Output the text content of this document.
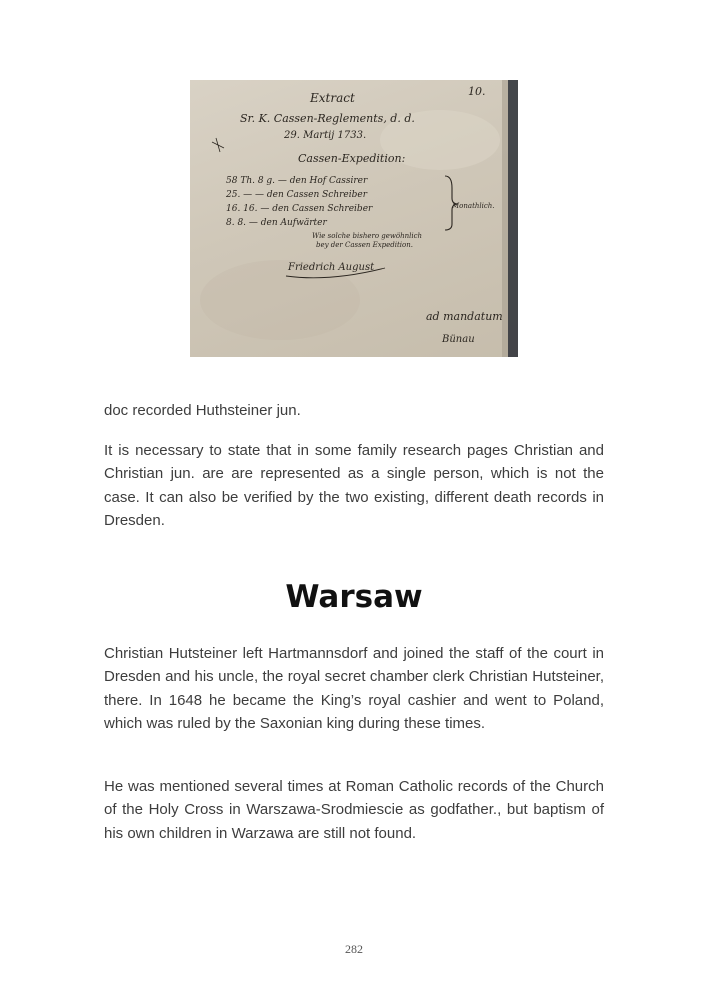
10.
Extract
Sr. K. Cassen-Reglements, d. d.
29. Martij 1733.
Cassen-Expedition:
58 Th. 8 g. — den Hof Cassirer
25. — — den Cassen Schreiber
16. 16. — den Cassen Schreiber
8. 8. — den Aufwärter
Monathlich.
Wie solche bishero gewöhnlich
bey der Cassen Expedition.
Friedrich August
ad mandatum
Bünau

doc recorded Huthsteiner jun.

It is necessary to state that in some family research pages Christian and Christian jun. are are represented as a single person, which is not the case. It can also be verified by the two existing, different death records in Dresden.

Warsaw

Christian Hutsteiner left Hartmannsdorf and joined the staff of the court in Dresden and his uncle, the royal secret chamber clerk Christian Hutsteiner, there. In 1648 he became the King’s royal cashier and went to Poland, which was ruled by the Saxonian king during these times.

He was mentioned several times at Roman Catholic records of the Church of the Holy Cross in Warszawa-Srodmiescie as godfather., but baptism of his own children in Warzawa are still not found.

282
